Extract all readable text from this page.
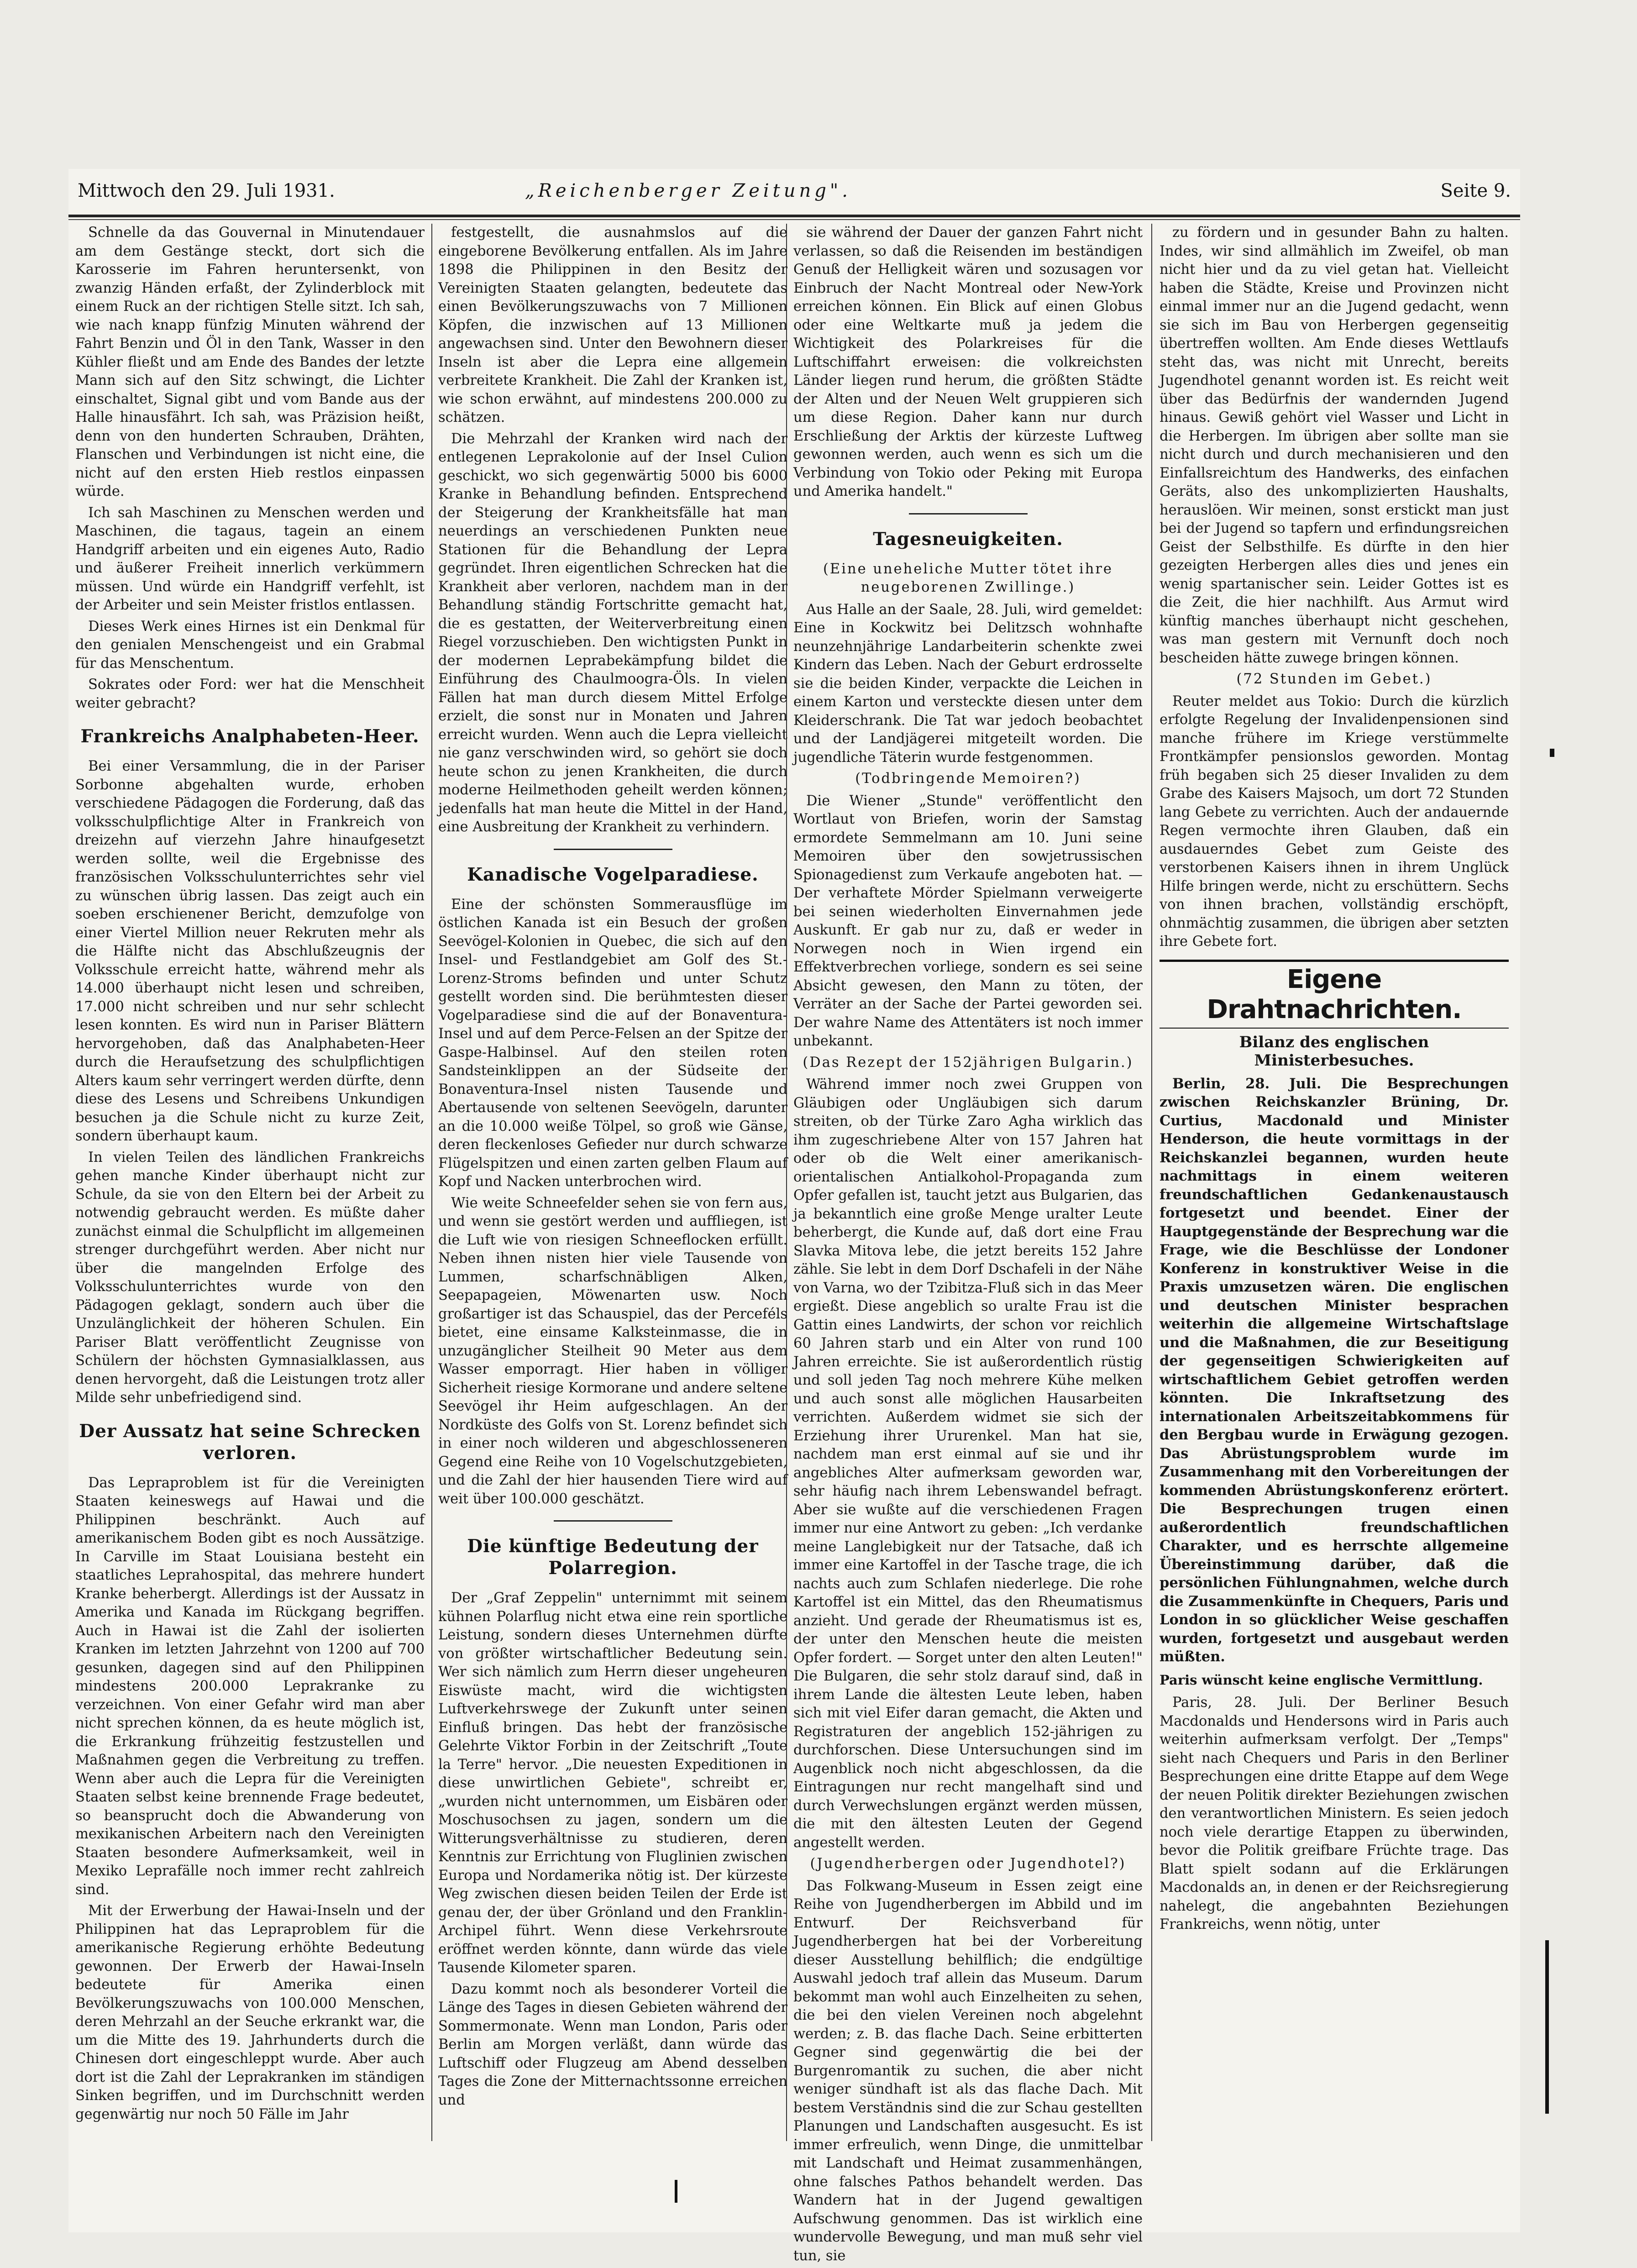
Mittwoch den 29. Juli 1931.	„Reichenberger Zeitung".	Seite 9.

Schnelle da das Gouvernal in Minutendauer am dem Gestänge steckt, dort sich die Karosserie im Fahren heruntersenkt, von zwanzig Händen erfaßt, der Zylinderblock mit einem Ruck an der richtigen Stelle sitzt. Ich sah, wie nach knapp fünfzig Minuten während der Fahrt Benzin und Öl in den Tank, Wasser in den Kühler fließt und am Ende des Bandes der letzte Mann sich auf den Sitz schwingt, die Lichter einschaltet, Signal gibt und vom Bande aus der Halle hinausfährt. Ich sah, was Präzision heißt, denn von den hunderten Schrauben, Drähten, Flanschen und Verbindungen ist nicht eine, die nicht auf den ersten Hieb restlos einpassen würde.

Ich sah Maschinen zu Menschen werden und Maschinen, die tagaus, tagein an einem Handgriff arbeiten und ein eigenes Auto, Radio und äußerer Freiheit innerlich verkümmern müssen. Und würde ein Handgriff verfehlt, ist der Arbeiter und sein Meister fristlos entlassen.

Dieses Werk eines Hirnes ist ein Denkmal für den genialen Menschengeist und ein Grabmal für das Menschentum.

Sokrates oder Ford: wer hat die Menschheit weiter gebracht?

Frankreichs Analphabeten-Heer.

Bei einer Versammlung, die in der Pariser Sorbonne abgehalten wurde, erhoben verschiedene Pädagogen die Forderung, daß das volksschulpflichtige Alter in Frankreich von dreizehn auf vierzehn Jahre hinaufgesetzt werden sollte, weil die Ergebnisse des französischen Volksschulunterrichtes sehr viel zu wünschen übrig lassen. Das zeigt auch ein soeben erschienener Bericht, demzufolge von einer Viertel Million neuer Rekruten mehr als die Hälfte nicht das Abschlußzeugnis der Volksschule erreicht hatte, während mehr als 14.000 überhaupt nicht lesen und schreiben, 17.000 nicht schreiben und nur sehr schlecht lesen konnten. Es wird nun in Pariser Blättern hervorgehoben, daß das Analphabeten-Heer durch die Heraufsetzung des schulpflichtigen Alters kaum sehr verringert werden dürfte, denn diese des Lesens und Schreibens Unkundigen besuchen ja die Schule nicht zu kurze Zeit, sondern überhaupt kaum.

In vielen Teilen des ländlichen Frankreichs gehen manche Kinder überhaupt nicht zur Schule, da sie von den Eltern bei der Arbeit zu notwendig gebraucht werden. Es müßte daher zunächst einmal die Schulpflicht im allgemeinen strenger durchgeführt werden. Aber nicht nur über die mangelnden Erfolge des Volksschulunterrichtes wurde von den Pädagogen geklagt, sondern auch über die Unzulänglichkeit der höheren Schulen. Ein Pariser Blatt veröffentlicht Zeugnisse von Schülern der höchsten Gymnasialklassen, aus denen hervorgeht, daß die Leistungen trotz aller Milde sehr unbefriedigend sind.

Der Aussatz hat seine Schrecken verloren.

Das Lepraproblem ist für die Vereinigten Staaten keineswegs auf Hawai und die Philippinen beschränkt. Auch auf amerikanischem Boden gibt es noch Aussätzige. In Carville im Staat Louisiana besteht ein staatliches Leprahospital, das mehrere hundert Kranke beherbergt. Allerdings ist der Aussatz in Amerika und Kanada im Rückgang begriffen. Auch in Hawai ist die Zahl der isolierten Kranken im letzten Jahrzehnt von 1200 auf 700 gesunken, dagegen sind auf den Philippinen mindestens 200.000 Leprakranke zu verzeichnen. Von einer Gefahr wird man aber nicht sprechen können, da es heute möglich ist, die Erkrankung frühzeitig festzustellen und Maßnahmen gegen die Verbreitung zu treffen. Wenn aber auch die Lepra für die Vereinigten Staaten selbst keine brennende Frage bedeutet, so beansprucht doch die Abwanderung von mexikanischen Arbeitern nach den Vereinigten Staaten besondere Aufmerksamkeit, weil in Mexiko Leprafälle noch immer recht zahlreich sind.

Mit der Erwerbung der Hawai-Inseln und der Philippinen hat das Lepraproblem für die amerikanische Regierung erhöhte Bedeutung gewonnen. Der Erwerb der Hawai-Inseln bedeutete für Amerika einen Bevölkerungszuwachs von 100.000 Menschen, deren Mehrzahl an der Seuche erkrankt war, die um die Mitte des 19. Jahrhunderts durch die Chinesen dort eingeschleppt wurde. Aber auch dort ist die Zahl der Leprakranken im ständigen Sinken begriffen, und im Durchschnitt werden gegenwärtig nur noch 50 Fälle im Jahr

festgestellt, die ausnahmslos auf die eingeborene Bevölkerung entfallen. Als im Jahre 1898 die Philippinen in den Besitz der Vereinigten Staaten gelangten, bedeutete das einen Bevölkerungszuwachs von 7 Millionen Köpfen, die inzwischen auf 13 Millionen angewachsen sind. Unter den Bewohnern dieser Inseln ist aber die Lepra eine allgemein verbreitete Krankheit. Die Zahl der Kranken ist, wie schon erwähnt, auf mindestens 200.000 zu schätzen.

Die Mehrzahl der Kranken wird nach der entlegenen Leprakolonie auf der Insel Culion geschickt, wo sich gegenwärtig 5000 bis 6000 Kranke in Behandlung befinden. Entsprechend der Steigerung der Krankheitsfälle hat man neuerdings an verschiedenen Punkten neue Stationen für die Behandlung der Lepra gegründet. Ihren eigentlichen Schrecken hat die Krankheit aber verloren, nachdem man in der Behandlung ständig Fortschritte gemacht hat, die es gestatten, der Weiterverbreitung einen Riegel vorzuschieben. Den wichtigsten Punkt in der modernen Leprabekämpfung bildet die Einführung des Chaulmoogra-Öls. In vielen Fällen hat man durch diesem Mittel Erfolge erzielt, die sonst nur in Monaten und Jahren erreicht wurden. Wenn auch die Lepra vielleicht nie ganz verschwinden wird, so gehört sie doch heute schon zu jenen Krankheiten, die durch moderne Heilmethoden geheilt werden können; jedenfalls hat man heute die Mittel in der Hand, eine Ausbreitung der Krankheit zu verhindern.

Kanadische Vogelparadiese.

Eine der schönsten Sommerausflüge im östlichen Kanada ist ein Besuch der großen Seevögel-Kolonien in Quebec, die sich auf den Insel- und Festlandgebiet am Golf des St.-Lorenz-Stroms befinden und unter Schutz gestellt worden sind. Die berühmtesten dieser Vogelparadiese sind die auf der Bonaventura-Insel und auf dem Perce-Felsen an der Spitze der Gaspe-Halbinsel. Auf den steilen roten Sandsteinklippen an der Südseite der Bonaventura-Insel nisten Tausende und Abertausende von seltenen Seevögeln, darunter an die 10.000 weiße Tölpel, so groß wie Gänse, deren fleckenloses Gefieder nur durch schwarze Flügelspitzen und einen zarten gelben Flaum auf Kopf und Nacken unterbrochen wird.

Wie weite Schneefelder sehen sie von fern aus, und wenn sie gestört werden und auffliegen, ist die Luft wie von riesigen Schneeflocken erfüllt. Neben ihnen nisten hier viele Tausende von Lummen, scharfschnäbligen Alken, Seepapageien, Möwenarten usw. Noch großartiger ist das Schauspiel, das der Perceféls bietet, eine einsame Kalksteinmasse, die in unzugänglicher Steilheit 90 Meter aus dem Wasser emporragt. Hier haben in völliger Sicherheit riesige Kormorane und andere seltene Seevögel ihr Heim aufgeschlagen. An der Nordküste des Golfs von St. Lorenz befindet sich in einer noch wilderen und abgeschlosseneren Gegend eine Reihe von 10 Vogelschutzgebieten, und die Zahl der hier hausenden Tiere wird auf weit über 100.000 geschätzt.

Die künftige Bedeutung der Polarregion.

Der „Graf Zeppelin" unternimmt mit seinem kühnen Polarflug nicht etwa eine rein sportliche Leistung, sondern dieses Unternehmen dürfte von größter wirtschaftlicher Bedeutung sein. Wer sich nämlich zum Herrn dieser ungeheuren Eiswüste macht, wird die wichtigsten Luftverkehrswege der Zukunft unter seinen Einfluß bringen. Das hebt der französische Gelehrte Viktor Forbin in der Zeitschrift „Toute la Terre" hervor. „Die neuesten Expeditionen in diese unwirtlichen Gebiete", schreibt er, „wurden nicht unternommen, um Eisbären oder Moschusochsen zu jagen, sondern um die Witterungsverhältnisse zu studieren, deren Kenntnis zur Errichtung von Fluglinien zwischen Europa und Nordamerika nötig ist. Der kürzeste Weg zwischen diesen beiden Teilen der Erde ist genau der, der über Grönland und den Franklin-Archipel führt. Wenn diese Verkehrsroute eröffnet werden könnte, dann würde das viele Tausende Kilometer sparen.

Dazu kommt noch als besonderer Vorteil die Länge des Tages in diesen Gebieten während der Sommermonate. Wenn man London, Paris oder Berlin am Morgen verläßt, dann würde das Luftschiff oder Flugzeug am Abend desselben Tages die Zone der Mitternachtssonne erreichen und

sie während der Dauer der ganzen Fahrt nicht verlassen, so daß die Reisenden im beständigen Genuß der Helligkeit wären und sozusagen vor Einbruch der Nacht Montreal oder New-York erreichen können. Ein Blick auf einen Globus oder eine Weltkarte muß ja jedem die Wichtigkeit des Polarkreises für die Luftschiffahrt erweisen: die volkreichsten Länder liegen rund herum, die größten Städte der Alten und der Neuen Welt gruppieren sich um diese Region. Daher kann nur durch Erschließung der Arktis der kürzeste Luftweg gewonnen werden, auch wenn es sich um die Verbindung von Tokio oder Peking mit Europa und Amerika handelt."

Tagesneuigkeiten.
(Eine uneheliche Mutter tötet ihre neugeborenen Zwillinge.)

Aus Halle an der Saale, 28. Juli, wird gemeldet: Eine in Kockwitz bei Delitzsch wohnhafte neunzehnjährige Landarbeiterin schenkte zwei Kindern das Leben. Nach der Geburt erdrosselte sie die beiden Kinder, verpackte die Leichen in einem Karton und versteckte diesen unter dem Kleiderschrank. Die Tat war jedoch beobachtet und der Landjägerei mitgeteilt worden. Die jugendliche Täterin wurde festgenommen.

(Todbringende Memoiren?)

Die Wiener „Stunde" veröffentlicht den Wortlaut von Briefen, worin der Samstag ermordete Semmelmann am 10. Juni seine Memoiren über den sowjetrussischen Spionagedienst zum Verkaufe angeboten hat. — Der verhaftete Mörder Spielmann verweigerte bei seinen wiederholten Einvernahmen jede Auskunft. Er gab nur zu, daß er weder in Norwegen noch in Wien irgend ein Effektverbrechen vorliege, sondern es sei seine Absicht gewesen, den Mann zu töten, der Verräter an der Sache der Partei geworden sei. Der wahre Name des Attentäters ist noch immer unbekannt.

(Das Rezept der 152jährigen Bulgarin.)

Während immer noch zwei Gruppen von Gläubigen oder Ungläubigen sich darum streiten, ob der Türke Zaro Agha wirklich das ihm zugeschriebene Alter von 157 Jahren hat oder ob die Welt einer amerikanisch-orientalischen Antialkohol-Propaganda zum Opfer gefallen ist, taucht jetzt aus Bulgarien, das ja bekanntlich eine große Menge uralter Leute beherbergt, die Kunde auf, daß dort eine Frau Slavka Mitova lebe, die jetzt bereits 152 Jahre zähle. Sie lebt in dem Dorf Dschafeli in der Nähe von Varna, wo der Tzibitza-Fluß sich in das Meer ergießt. Diese angeblich so uralte Frau ist die Gattin eines Landwirts, der schon vor reichlich 60 Jahren starb und ein Alter von rund 100 Jahren erreichte. Sie ist außerordentlich rüstig und soll jeden Tag noch mehrere Kühe melken und auch sonst alle möglichen Hausarbeiten verrichten. Außerdem widmet sie sich der Erziehung ihrer Ururenkel. Man hat sie, nachdem man erst einmal auf sie und ihr angebliches Alter aufmerksam geworden war, sehr häufig nach ihrem Lebenswandel befragt. Aber sie wußte auf die verschiedenen Fragen immer nur eine Antwort zu geben: „Ich verdanke meine Langlebigkeit nur der Tatsache, daß ich immer eine Kartoffel in der Tasche trage, die ich nachts auch zum Schlafen niederlege. Die rohe Kartoffel ist ein Mittel, das den Rheumatismus anzieht. Und gerade der Rheumatismus ist es, der unter den Menschen heute die meisten Opfer fordert. — Sorget unter den alten Leuten!" Die Bulgaren, die sehr stolz darauf sind, daß in ihrem Lande die ältesten Leute leben, haben sich mit viel Eifer daran gemacht, die Akten und Registraturen der angeblich 152-jährigen zu durchforschen. Diese Untersuchungen sind im Augenblick noch nicht abgeschlossen, da die Eintragungen nur recht mangelhaft sind und durch Verwechslungen ergänzt werden müssen, die mit den ältesten Leuten der Gegend angestellt werden.

(Jugendherbergen oder Jugendhotel?)

Das Folkwang-Museum in Essen zeigt eine Reihe von Jugendherbergen im Abbild und im Entwurf. Der Reichsverband für Jugendherbergen hat bei der Vorbereitung dieser Ausstellung behilflich; die endgültige Auswahl jedoch traf allein das Museum. Darum bekommt man wohl auch Einzelheiten zu sehen, die bei den vielen Vereinen noch abgelehnt werden; z. B. das flache Dach. Seine erbitterten Gegner sind gegenwärtig die bei der Burgenromantik zu suchen, die aber nicht weniger sündhaft ist als das flache Dach. Mit bestem Verständnis sind die zur Schau gestellten Planungen und Landschaften ausgesucht. Es ist immer erfreulich, wenn Dinge, die unmittelbar mit Landschaft und Heimat zusammenhängen, ohne falsches Pathos behandelt werden. Das Wandern hat in der Jugend gewaltigen Aufschwung genommen. Das ist wirklich eine wundervolle Bewegung, und man muß sehr viel tun, sie

zu fördern und in gesunder Bahn zu halten. Indes, wir sind allmählich im Zweifel, ob man nicht hier und da zu viel getan hat. Vielleicht haben die Städte, Kreise und Provinzen nicht einmal immer nur an die Jugend gedacht, wenn sie sich im Bau von Herbergen gegenseitig übertreffen wollten. Am Ende dieses Wettlaufs steht das, was nicht mit Unrecht, bereits Jugendhotel genannt worden ist. Es reicht weit über das Bedürfnis der wandernden Jugend hinaus. Gewiß gehört viel Wasser und Licht in die Herbergen. Im übrigen aber sollte man sie nicht durch und durch mechanisieren und den Einfallsreichtum des Handwerks, des einfachen Geräts, also des unkomplizierten Haushalts, herauslöen. Wir meinen, sonst erstickt man just bei der Jugend so tapfern und erfindungsreichen Geist der Selbsthilfe. Es dürfte in den hier gezeigten Herbergen alles dies und jenes ein wenig spartanischer sein. Leider Gottes ist es die Zeit, die hier nachhilft. Aus Armut wird künftig manches überhaupt nicht geschehen, was man gestern mit Vernunft doch noch bescheiden hätte zuwege bringen können.

(72 Stunden im Gebet.)

Reuter meldet aus Tokio: Durch die kürzlich erfolgte Regelung der Invalidenpensionen sind manche frühere im Kriege verstümmelte Frontkämpfer pensionslos geworden. Montag früh begaben sich 25 dieser Invaliden zu dem Grabe des Kaisers Majsoch, um dort 72 Stunden lang Gebete zu verrichten. Auch der andauernde Regen vermochte ihren Glauben, daß ein ausdauerndes Gebet zum Geiste des verstorbenen Kaisers ihnen in ihrem Unglück Hilfe bringen werde, nicht zu erschüttern. Sechs von ihnen brachen, vollständig erschöpft, ohnmächtig zusammen, die übrigen aber setzten ihre Gebete fort.

Eigene Drahtnachrichten.
Bilanz des englischen Ministerbesuches.

Berlin, 28. Juli. Die Besprechungen zwischen Reichskanzler Brüning, Dr. Curtius, Macdonald und Minister Henderson, die heute vormittags in der Reichskanzlei begannen, wurden heute nachmittags in einem weiteren freundschaftlichen Gedankenaustausch fortgesetzt und beendet. Einer der Hauptgegenstände der Besprechung war die Frage, wie die Beschlüsse der Londoner Konferenz in konstruktiver Weise in die Praxis umzusetzen wären. Die englischen und deutschen Minister besprachen weiterhin die allgemeine Wirtschaftslage und die Maßnahmen, die zur Beseitigung der gegenseitigen Schwierigkeiten auf wirtschaftlichem Gebiet getroffen werden könnten. Die Inkraftsetzung des internationalen Arbeitszeitabkommens für den Bergbau wurde in Erwägung gezogen. Das Abrüstungsproblem wurde im Zusammenhang mit den Vorbereitungen der kommenden Abrüstungskonferenz erörtert. Die Besprechungen trugen einen außerordentlich freundschaftlichen Charakter, und es herrschte allgemeine Übereinstimmung darüber, daß die persönlichen Fühlungnahmen, welche durch die Zusammenkünfte in Chequers, Paris und London in so glücklicher Weise geschaffen wurden, fortgesetzt und ausgebaut werden müßten.

Paris wünscht keine englische Vermittlung.

Paris, 28. Juli. Der Berliner Besuch Macdonalds und Hendersons wird in Paris auch weiterhin aufmerksam verfolgt. Der „Temps" sieht nach Chequers und Paris in den Berliner Besprechungen eine dritte Etappe auf dem Wege der neuen Politik direkter Beziehungen zwischen den verantwortlichen Ministern. Es seien jedoch noch viele derartige Etappen zu überwinden, bevor die Politik greifbare Früchte trage. Das Blatt spielt sodann auf die Erklärungen Macdonalds an, in denen er der Reichsregierung nahelegt, die angebahnten Beziehungen Frankreichs, wenn nötig, unter
